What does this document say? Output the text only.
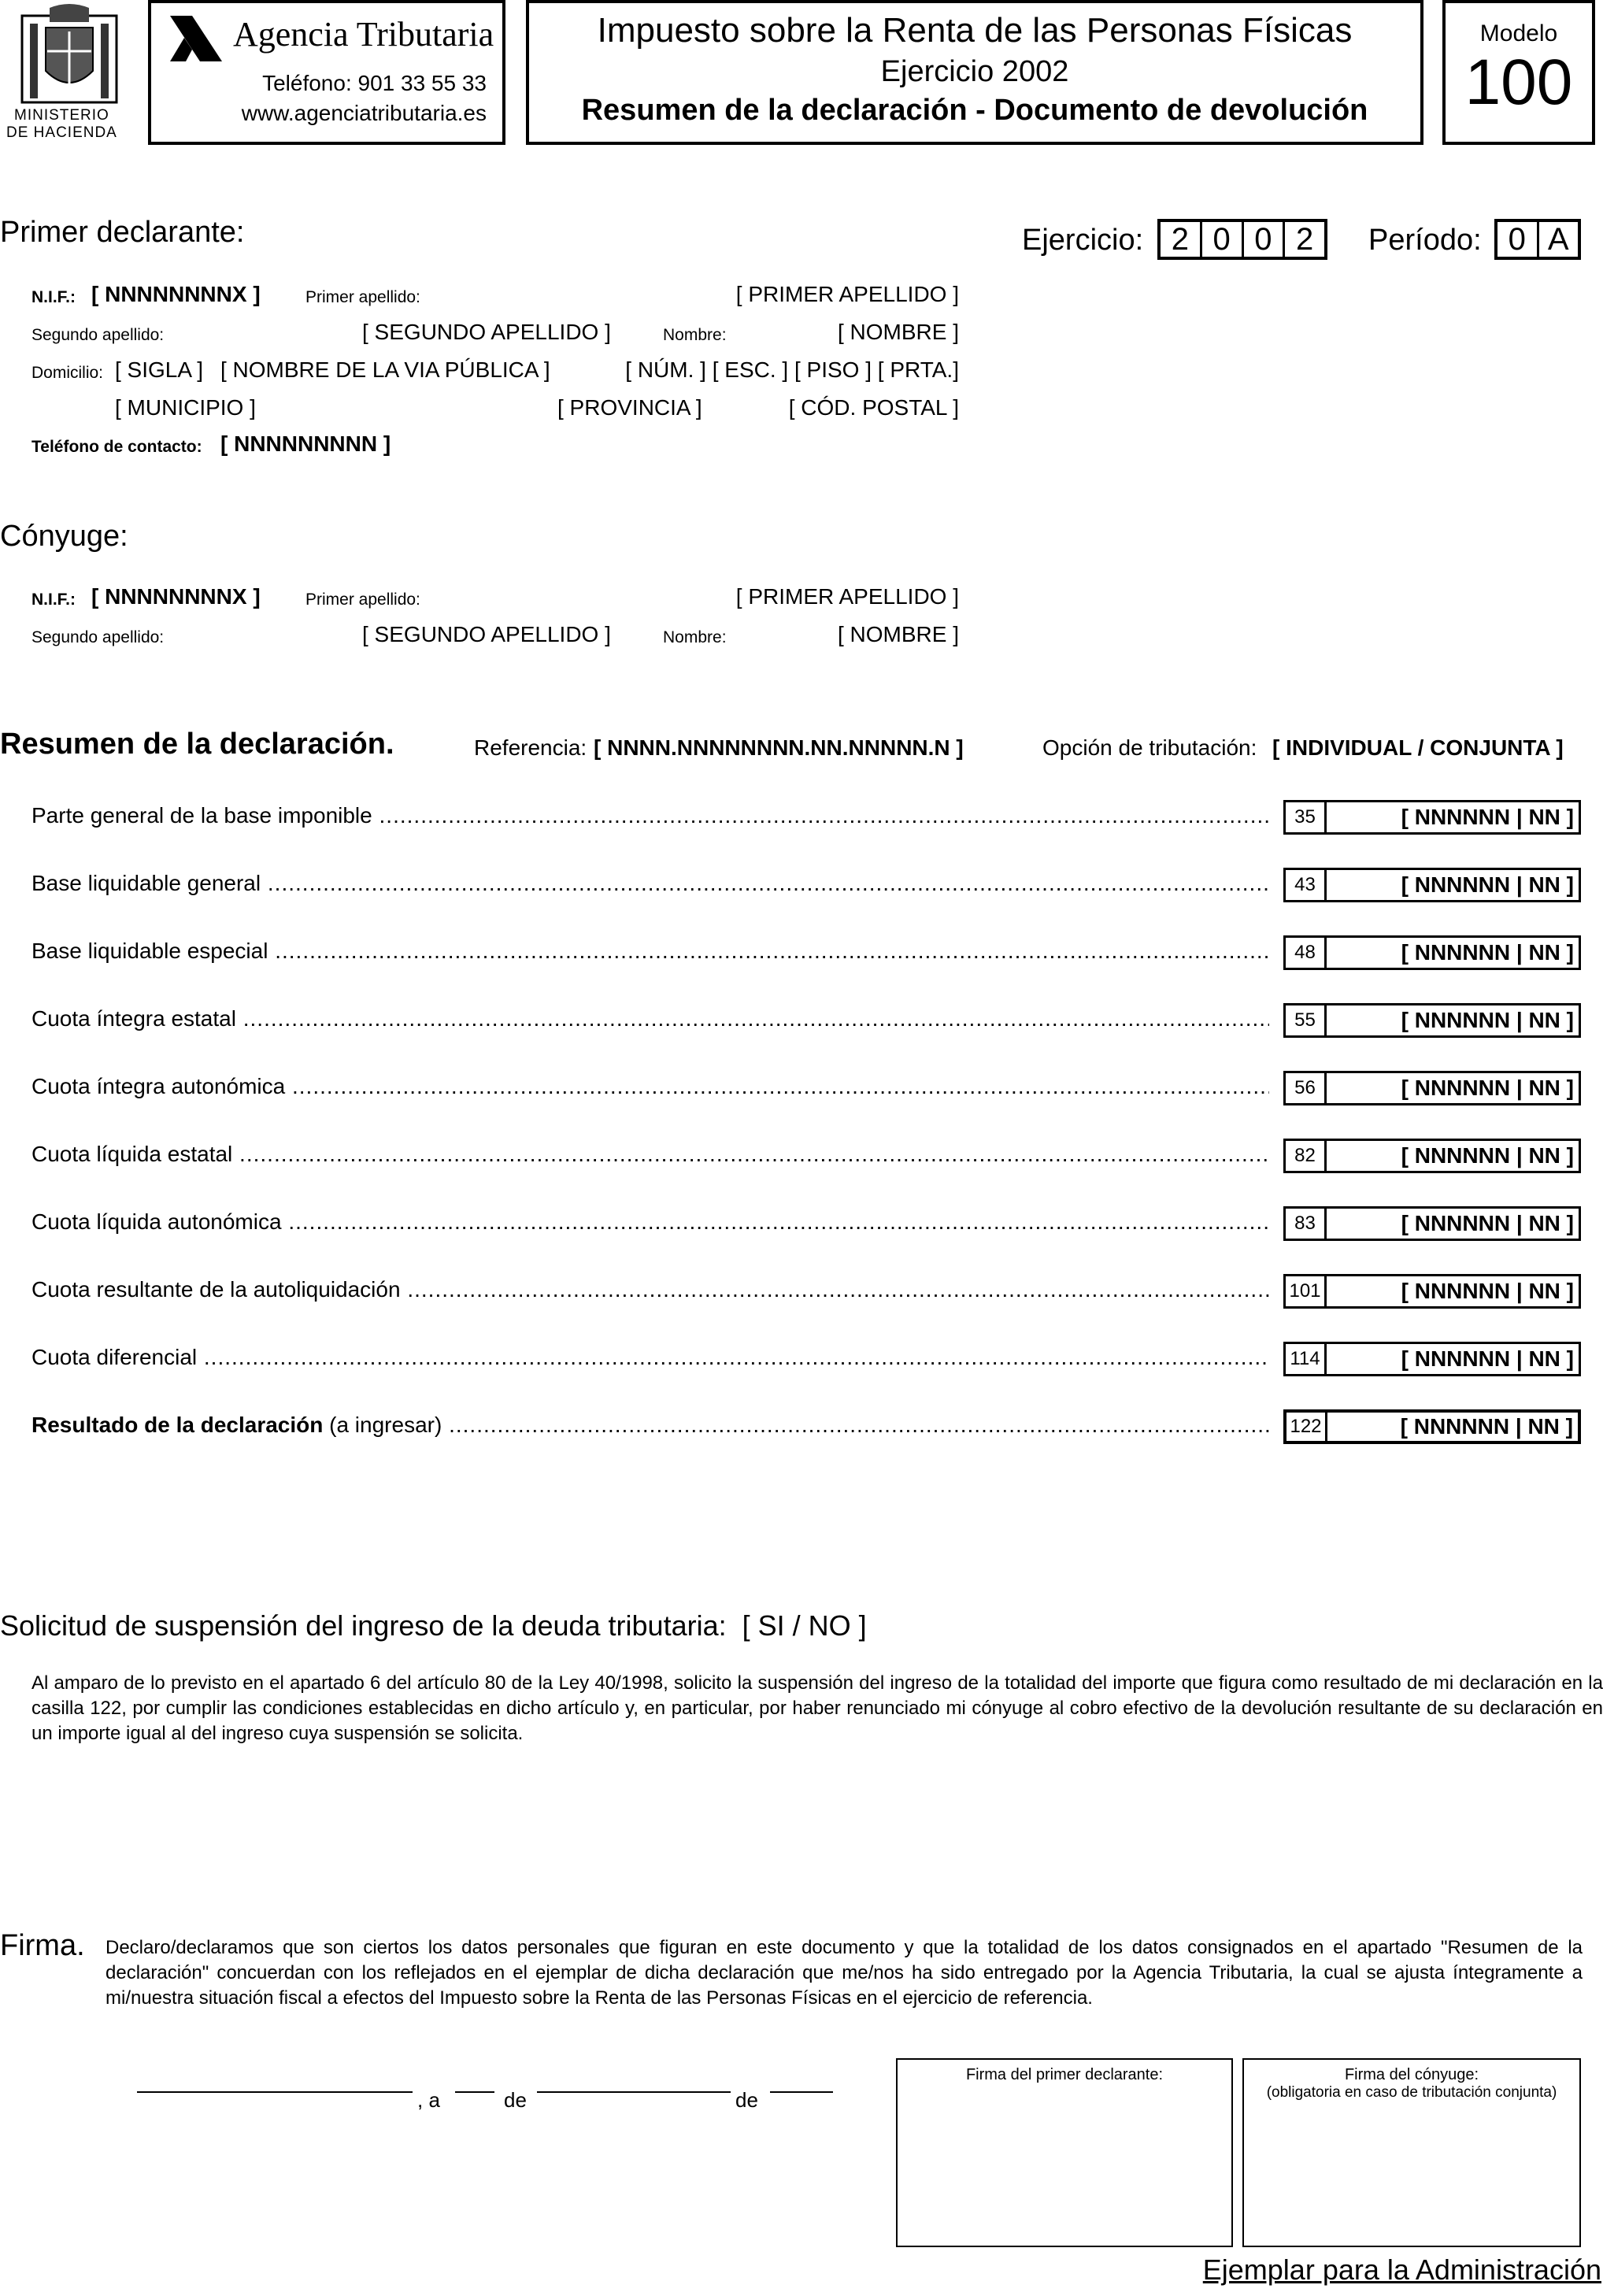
MINISTERIO
DE HACIENDA
Agencia Tributaria
Teléfono: 901 33 55 33
www.agenciatributaria.es
Impuesto sobre la Renta de las Personas Físicas
Ejercicio 2002
Resumen de la declaración - Documento de devolución
Modelo
100
Primer declarante:	Ejercicio: 2 0 0 2	Período: 0 A
N.I.F.: [ NNNNNNNNX ]	Primer apellido:	[ PRIMER APELLIDO ]
Segundo apellido:	[ SEGUNDO APELLIDO ]	Nombre:	[ NOMBRE ]
Domicilio: [ SIGLA ] [ NOMBRE DE LA VIA PÚBLICA ]	[ NÚM. ] [ ESC. ] [ PISO ] [ PRTA.]
[ MUNICIPIO ]	[ PROVINCIA ]	[ CÓD. POSTAL ]
Teléfono de contacto: [ NNNNNNNNN ]
Cónyuge:
N.I.F.: [ NNNNNNNNX ]	Primer apellido:	[ PRIMER APELLIDO ]
Segundo apellido:	[ SEGUNDO APELLIDO ]	Nombre:	[ NOMBRE ]
Resumen de la declaración.	Referencia: [ NNNN.NNNNNNNN.NN.NNNNN.N ]	Opción de tributación: [ INDIVIDUAL / CONJUNTA ]
Parte general de la base imponible .....	35	[ NNNNNN | NN ]
Base liquidable general .....	43	[ NNNNNN | NN ]
Base liquidable especial .....	48	[ NNNNNN | NN ]
Cuota íntegra estatal .....	55	[ NNNNNN | NN ]
Cuota íntegra autonómica .....	56	[ NNNNNN | NN ]
Cuota líquida estatal .....	82	[ NNNNNN | NN ]
Cuota líquida autonómica .....	83	[ NNNNNN | NN ]
Cuota resultante de la autoliquidación .....	101	[ NNNNNN | NN ]
Cuota diferencial .....	114	[ NNNNNN | NN ]
Resultado de la declaración (a ingresar) .....	122	[ NNNNNN | NN ]
Solicitud de suspensión del ingreso de la deuda tributaria: [ SI / NO ]

Al amparo de lo previsto en el apartado 6 del artículo 80 de la Ley 40/1998, solicito la suspensión del ingreso de la totalidad del importe que figura como resultado de mi declaración en la casilla 122, por cumplir las condiciones establecidas en dicho artículo y, en particular, por haber renunciado mi cónyuge al cobro efectivo de la devolución resultante de su declaración en un importe igual al del ingreso cuya suspensión se solicita.

Firma. Declaro/declaramos que son ciertos los datos personales que figuran en este documento y que la totalidad de los datos consignados en el apartado "Resumen de la declaración" concuerdan con los reflejados en el ejemplar de dicha declaración que me/nos ha sido entregado por la Agencia Tributaria, la cual se ajusta íntegramente a mi/nuestra situación fiscal a efectos del Impuesto sobre la Renta de las Personas Físicas en el ejercicio de referencia.

, a	de	de
Firma del primer declarante:	Firma del cónyuge:
(obligatoria en caso de tributación conjunta)
Ejemplar para la Administración
